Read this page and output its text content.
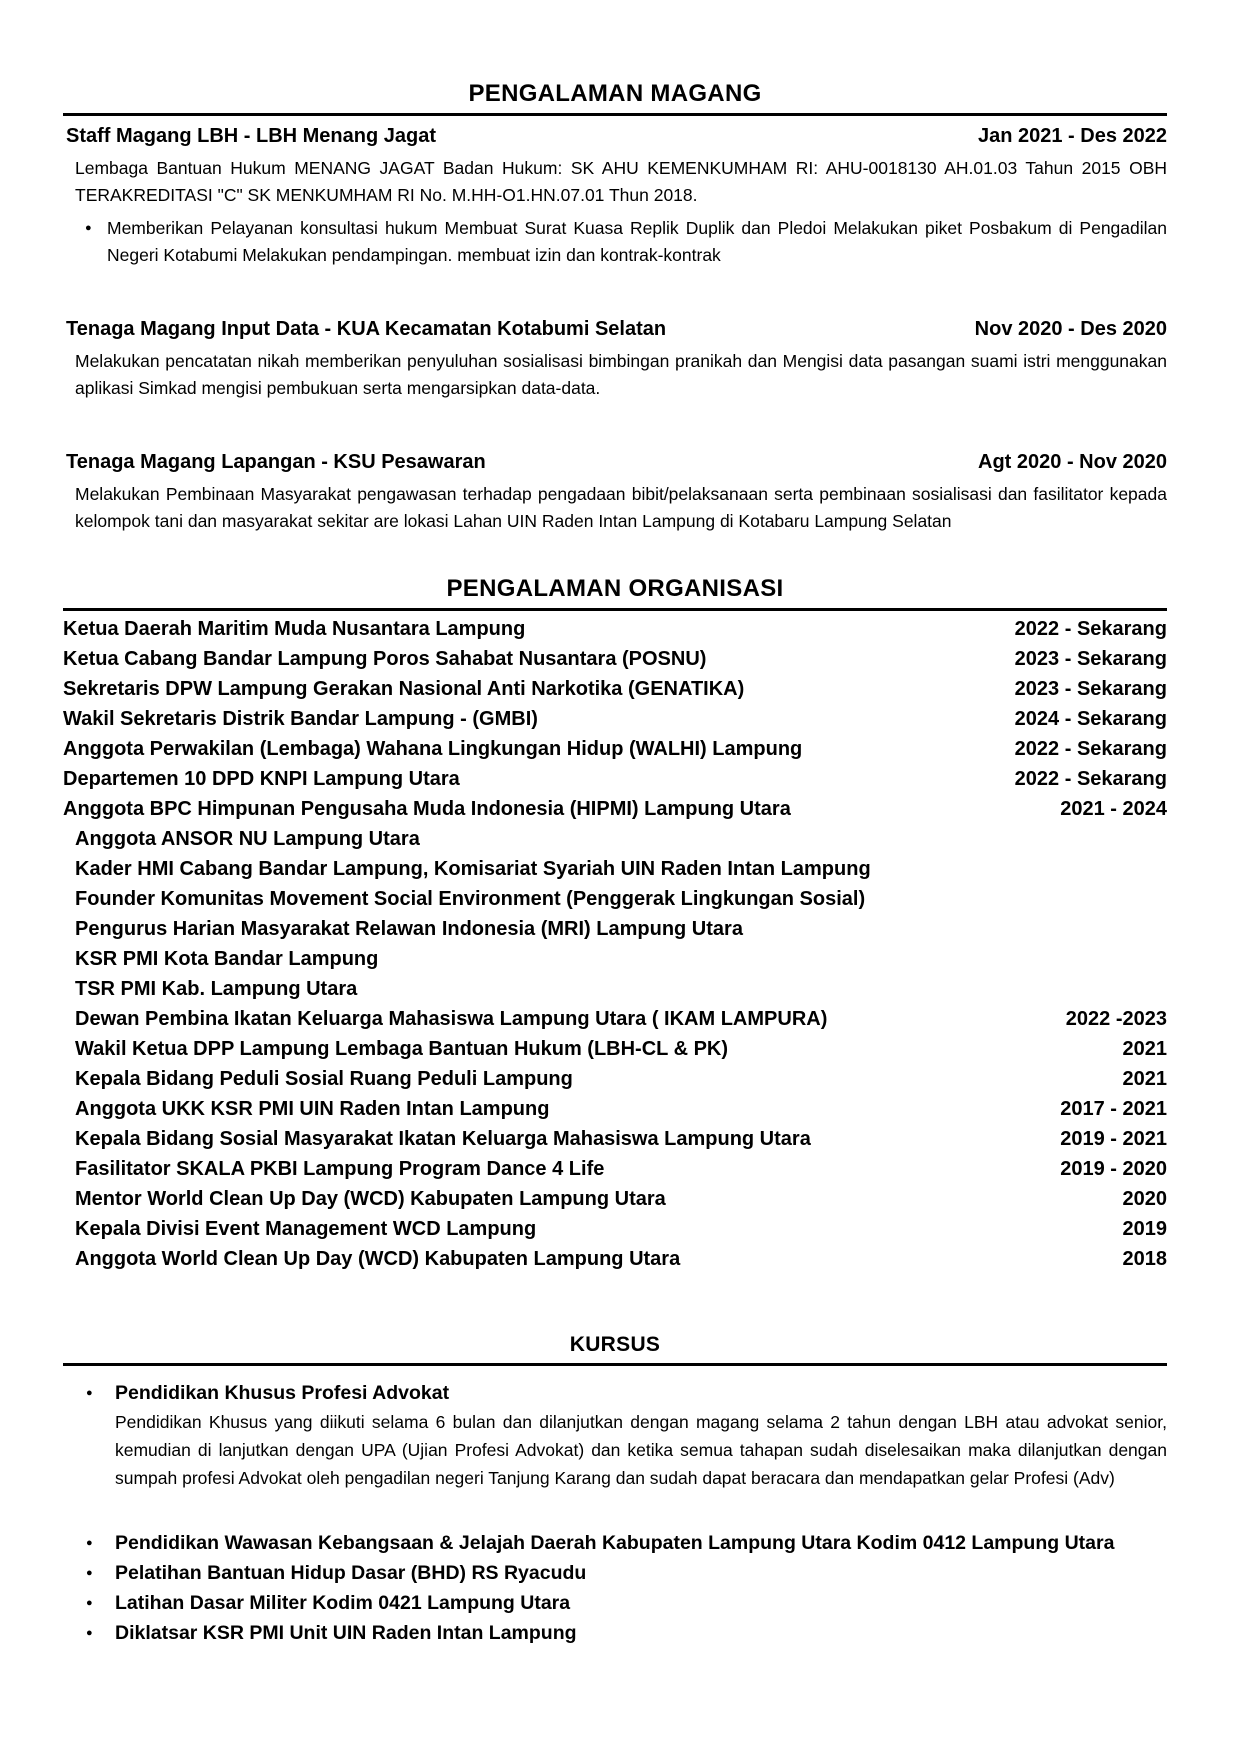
PENGALAMAN MAGANG
Staff Magang LBH - LBH Menang Jagat	Jan 2021 - Des 2022

Lembaga Bantuan Hukum MENANG JAGAT Badan Hukum: SK AHU KEMENKUMHAM RI: AHU-0018130 AH.01.03 Tahun 2015 OBH TERAKREDITASI "C" SK MENKUMHAM RI No. M.HH-O1.HN.07.01 Thun 2018.

● Memberikan Pelayanan konsultasi hukum Membuat Surat Kuasa Replik Duplik dan Pledoi Melakukan piket Posbakum di Pengadilan Negeri Kotabumi Melakukan pendampingan. membuat izin dan kontrak-kontrak
Tenaga Magang Input Data - KUA Kecamatan Kotabumi Selatan	Nov 2020 - Des 2020

Melakukan pencatatan nikah memberikan penyuluhan sosialisasi bimbingan pranikah dan Mengisi data pasangan suami istri menggunakan aplikasi Simkad mengisi pembukuan serta mengarsipkan data-data.

Tenaga Magang Lapangan - KSU Pesawaran	Agt 2020 - Nov 2020

Melakukan Pembinaan Masyarakat pengawasan terhadap pengadaan bibit/pelaksanaan serta pembinaan sosialisasi dan fasilitator kepada kelompok tani dan masyarakat sekitar are lokasi Lahan UIN Raden Intan Lampung di Kotabaru Lampung Selatan

PENGALAMAN ORGANISASI
Ketua Daerah Maritim Muda Nusantara Lampung	2022 - Sekarang
Ketua Cabang Bandar Lampung Poros Sahabat Nusantara (POSNU)	2023 - Sekarang
Sekretaris DPW Lampung Gerakan Nasional Anti Narkotika (GENATIKA)	2023 - Sekarang
Wakil Sekretaris Distrik Bandar Lampung - (GMBI)	2024 - Sekarang
Anggota Perwakilan (Lembaga) Wahana Lingkungan Hidup (WALHI) Lampung	2022 - Sekarang
Departemen 10 DPD KNPI Lampung Utara	2022 - Sekarang
Anggota BPC Himpunan Pengusaha Muda Indonesia (HIPMI) Lampung Utara	2021 - 2024
Anggota ANSOR NU Lampung Utara
Kader HMI Cabang Bandar Lampung, Komisariat Syariah UIN Raden Intan Lampung
Founder Komunitas Movement Social Environment (Penggerak Lingkungan Sosial)
Pengurus Harian Masyarakat Relawan Indonesia (MRI) Lampung Utara
KSR PMI Kota Bandar Lampung
TSR PMI Kab. Lampung Utara
Dewan Pembina Ikatan Keluarga Mahasiswa Lampung Utara ( IKAM LAMPURA)	2022 -2023
Wakil Ketua DPP Lampung Lembaga Bantuan Hukum (LBH-CL & PK)	2021
Kepala Bidang Peduli Sosial Ruang Peduli Lampung	2021
Anggota UKK KSR PMI UIN Raden Intan Lampung	2017 - 2021
Kepala Bidang Sosial Masyarakat Ikatan Keluarga Mahasiswa Lampung Utara	2019 - 2021
Fasilitator SKALA PKBI Lampung Program Dance 4 Life	2019 - 2020
Mentor World Clean Up Day (WCD) Kabupaten Lampung Utara	2020
Kepala Divisi Event Management WCD Lampung	2019
Anggota World Clean Up Day (WCD) Kabupaten Lampung Utara	2018
KURSUS
●	Pendidikan Khusus Profesi Advokat

Pendidikan Khusus yang diikuti selama 6 bulan dan dilanjutkan dengan magang selama 2 tahun dengan LBH atau advokat senior, kemudian di lanjutkan dengan UPA (Ujian Profesi Advokat) dan ketika semua tahapan sudah diselesaikan maka dilanjutkan dengan sumpah profesi Advokat oleh pengadilan negeri Tanjung Karang dan sudah dapat beracara dan mendapatkan gelar Profesi (Adv)

●	Pendidikan Wawasan Kebangsaan & Jelajah Daerah Kabupaten Lampung Utara Kodim 0412 Lampung Utara
●	Pelatihan Bantuan Hidup Dasar (BHD) RS Ryacudu
●	Latihan Dasar Militer Kodim 0421 Lampung Utara
●	Diklatsar KSR PMI Unit UIN Raden Intan Lampung
